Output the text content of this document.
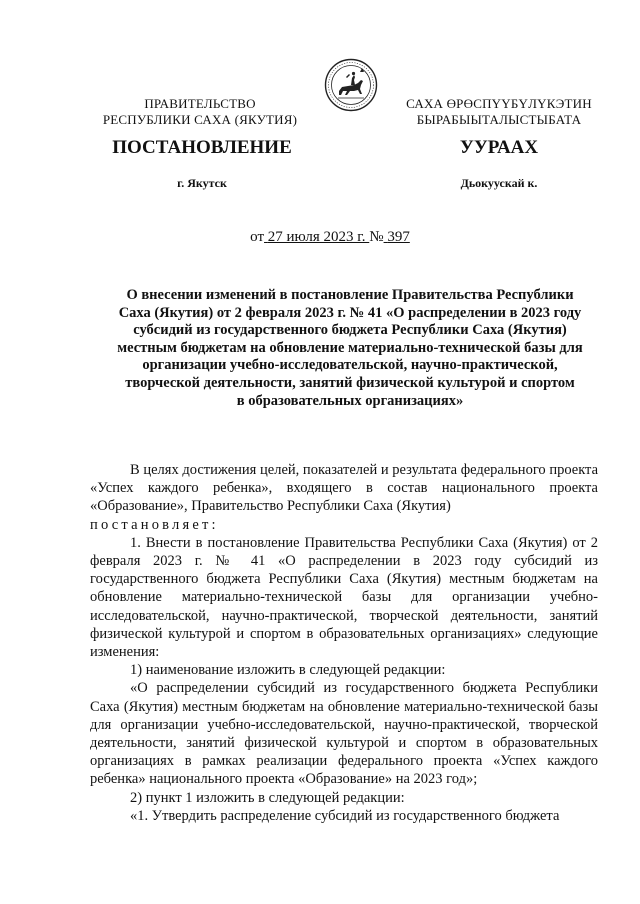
ПРАВИТЕЛЬСТВО
РЕСПУБЛИКИ САХА (ЯКУТИЯ)
САХА ӨРӨСПҮҮБҮЛҮКЭТИН
БЫРАБЫЫТАЛЫСТЫБАТА
ПОСТАНОВЛЕНИЕ	УУРААХ
г. Якутск	Дьокуускай к.
от 27 июля 2023 г. № 397
О внесении изменений в постановление Правительства Республики
Саха (Якутия) от 2 февраля 2023 г. № 41 «О распределении в 2023 году
субсидий из государственного бюджета Республики Саха (Якутия)
местным бюджетам на обновление материально-технической базы для
организации учебно-исследовательской, научно-практической,
творческой деятельности, занятий физической культурой и спортом
в образовательных организациях»

В целях достижения целей, показателей и результата федерального проекта «Успех каждого ребенка», входящего в состав национального проекта «Образование», Правительство Республики Саха (Якутия)

постановляет:

1. Внести в постановление Правительства Республики Саха (Якутия) от 2 февраля 2023 г. № 41 «О распределении в 2023 году субсидий из государственного бюджета Республики Саха (Якутия) местным бюджетам на обновление материально-технической базы для организации учебно-исследовательской, научно-практической, творческой деятельности, занятий физической культурой и спортом в образовательных организациях» следующие изменения:

1) наименование изложить в следующей редакции:

«О распределении субсидий из государственного бюджета Республики Саха (Якутия) местным бюджетам на обновление материально-технической базы для организации учебно-исследовательской, научно-практической, творческой деятельности, занятий физической культурой и спортом в образовательных организациях в рамках реализации федерального проекта «Успех каждого ребенка» национального проекта «Образование» на 2023 год»;

2) пункт 1 изложить в следующей редакции:

«1. Утвердить распределение субсидий из государственного бюджета
